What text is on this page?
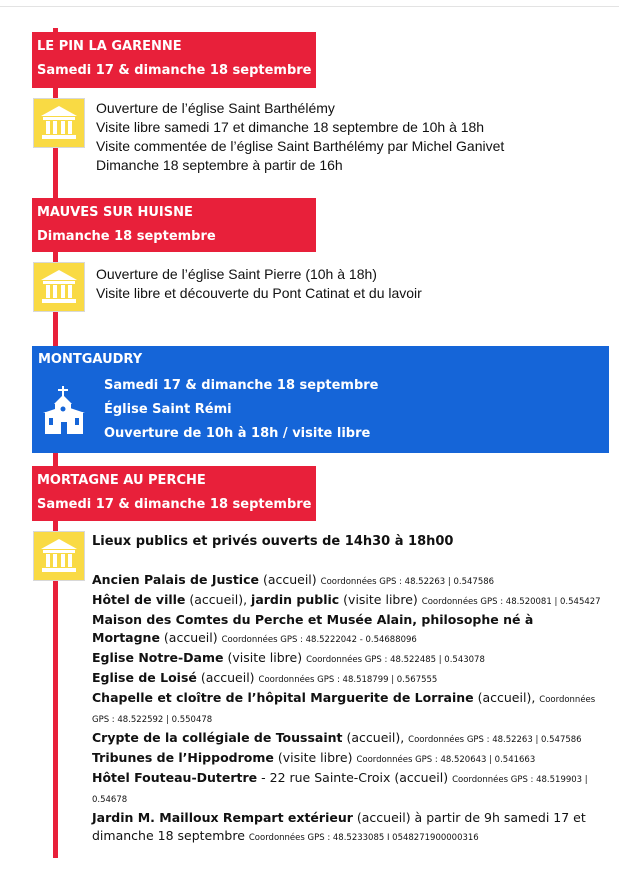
LE PIN LA GARENNE
Samedi 17 & dimanche 18 septembre
Ouverture de l’église Saint Barthélémy
Visite libre samedi 17 et dimanche 18 septembre de 10h à 18h
Visite commentée de l’église Saint Barthélémy par Michel Ganivet
Dimanche 18 septembre à partir de 16h
MAUVES SUR HUISNE
Dimanche 18 septembre
Ouverture de l’église Saint Pierre (10h à 18h)
Visite libre et découverte du Pont Catinat et du lavoir
MONTGAUDRY
Samedi 17 & dimanche 18 septembre
Église Saint Rémi
Ouverture de 10h à 18h / visite libre
MORTAGNE AU PERCHE
Samedi 17 & dimanche 18 septembre
Lieux publics et privés ouverts de 14h30 à 18h00
Ancien Palais de Justice (accueil) Coordonnées GPS : 48.52263 | 0.547586
Hôtel de ville (accueil), jardin public (visite libre) Coordonnées GPS : 48.520081 | 0.545427
Maison des Comtes du Perche et Musée Alain, philosophe né à Mortagne (accueil) Coordonnées GPS : 48.5222042 - 0.54688096
Eglise Notre-Dame (visite libre) Coordonnées GPS : 48.522485 | 0.543078
Eglise de Loisé (accueil) Coordonnées GPS : 48.518799 | 0.567555
Chapelle et cloître de l’hôpital Marguerite de Lorraine (accueil), Coordonnées GPS : 48.522592 | 0.550478
Crypte de la collégiale de Toussaint (accueil), Coordonnées GPS : 48.52263 | 0.547586
Tribunes de l’Hippodrome (visite libre) Coordonnées GPS : 48.520643 | 0.541663
Hôtel Fouteau-Dutertre - 22 rue Sainte-Croix (accueil) Coordonnées GPS : 48.519903 | 0.54678
Jardin M. Mailloux Rempart extérieur (accueil) à partir de 9h samedi 17 et dimanche 18 septembre Coordonnées GPS : 48.5233085 I 0548271900000316
